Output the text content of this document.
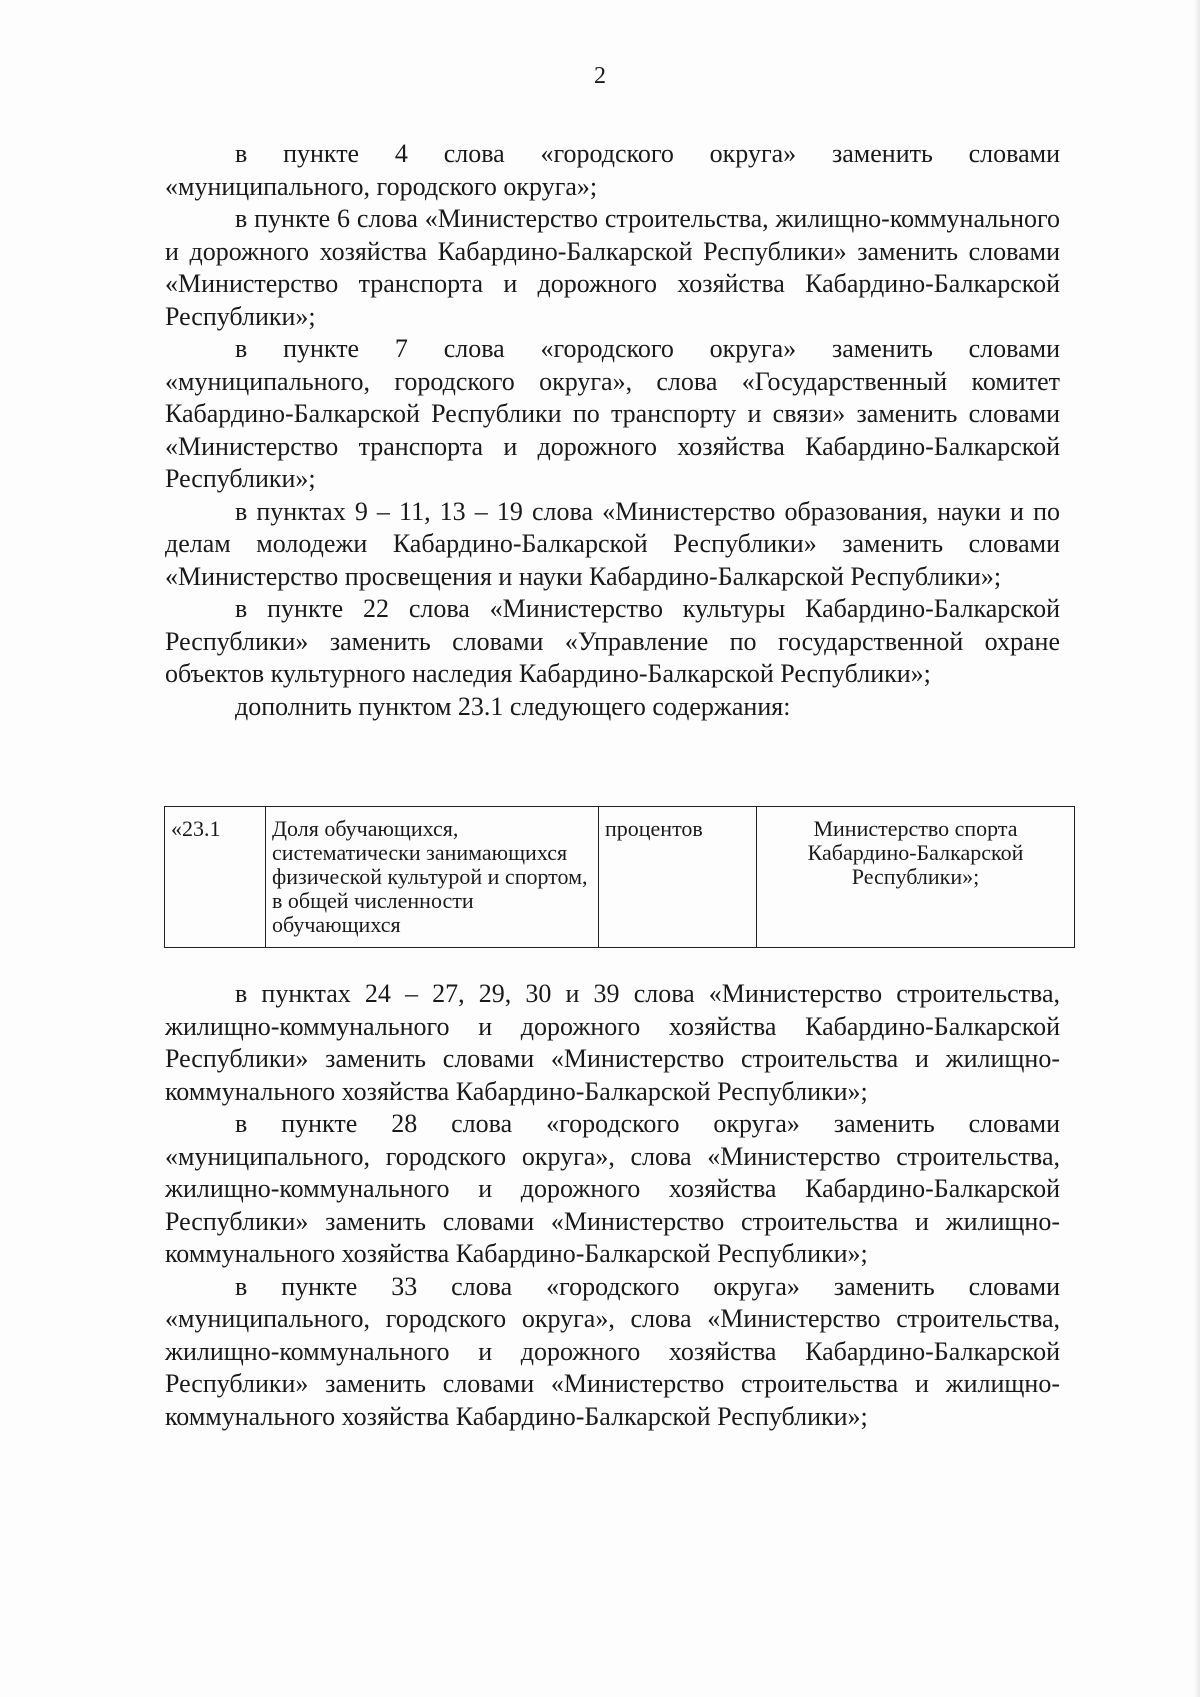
2

в пункте 4 слова «городского округа» заменить словами «муниципального, городского округа»;

в пункте 6 слова «Министерство строительства, жилищно-коммунального и дорожного хозяйства Кабардино-Балкарской Республики» заменить словами «Министерство транспорта и дорожного хозяйства Кабардино-Балкарской Республики»;

в пункте 7 слова «городского округа» заменить словами «муниципального, городского округа», слова «Государственный комитет Кабардино-Балкарской Республики по транспорту и связи» заменить словами «Министерство транспорта и дорожного хозяйства Кабардино-Балкарской Республики»;

в пунктах 9 – 11, 13 – 19 слова «Министерство образования, науки и по делам молодежи Кабардино-Балкарской Республики» заменить словами «Министерство просвещения и науки Кабардино-Балкарской Республики»;

в пункте 22 слова «Министерство культуры Кабардино-Балкарской Республики» заменить словами «Управление по государственной охране объектов культурного наследия Кабардино-Балкарской Республики»;

дополнить пунктом 23.1 следующего содержания:

«23.1	Доля обучающихся, систематически занимающихся физической культурой и спортом, в общей численности обучающихся	процентов	Министерство спорта Кабардино-Балкарской Республики»;

в пунктах 24 – 27, 29, 30 и 39 слова «Министерство строительства, жилищно-коммунального и дорожного хозяйства Кабардино-Балкарской Республики» заменить словами «Министерство строительства и жилищно-коммунального хозяйства Кабардино-Балкарской Республики»;

в пункте 28 слова «городского округа» заменить словами «муниципального, городского округа», слова «Министерство строительства, жилищно-коммунального и дорожного хозяйства Кабардино-Балкарской Республики» заменить словами «Министерство строительства и жилищно-коммунального хозяйства Кабардино-Балкарской Республики»;

в пункте 33 слова «городского округа» заменить словами «муниципального, городского округа», слова «Министерство строительства, жилищно-коммунального и дорожного хозяйства Кабардино-Балкарской Республики» заменить словами «Министерство строительства и жилищно-коммунального хозяйства Кабардино-Балкарской Республики»;
